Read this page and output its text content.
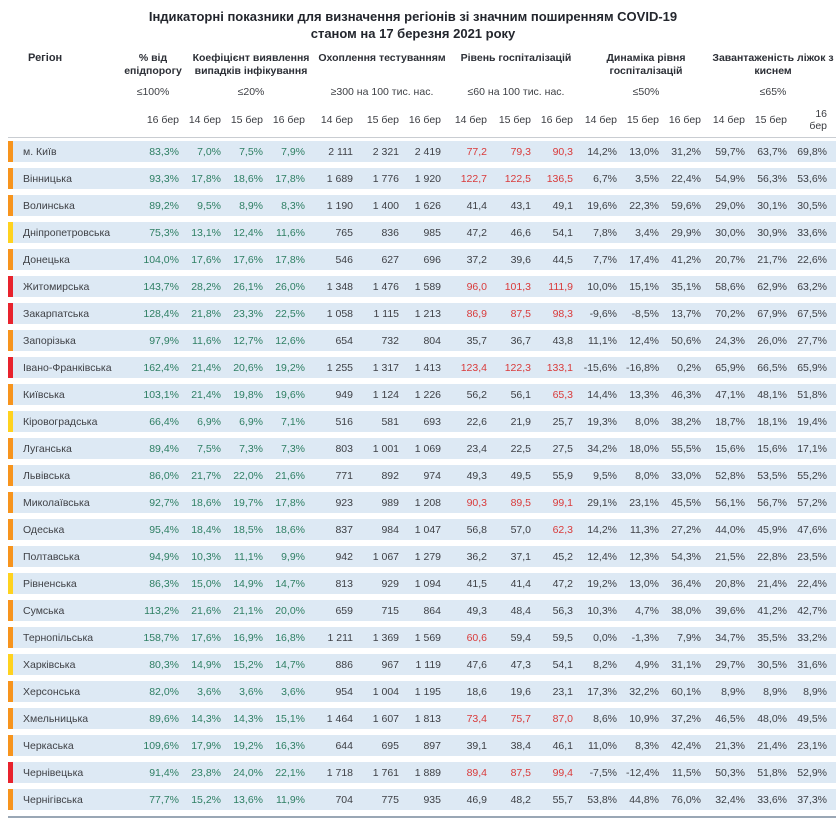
Індикаторні показники для визначення регіонів зі значним поширенням COVID-19
станом на 17 березня 2021 року
Регіон	% від епідпорогу
Коефіцієнт виявлення випадків інфікування
Охоплення тестуванням	Рівень госпіталізацій	Динаміка рівня госпіталізацій
Завантаженість ліжок з киснем
≤100%	≤20%	≥300 на 100 тис. нас.	≤60 на 100 тис. нас.	≤50%	≤65%
16 бер 14 бер 15 бер 16 бер	14 бер	15 бер 16 бер	14 бер	15 бер 16 бер	14 бер 15 бер 16 бер	14 бер 15 бер	16 бер
м. Київ	83,3%	7,0%	7,5%	7,9%	2 111	2 321	2 419	77,2	79,3	90,3	14,2%	13,0%	31,2%	59,7%	63,7% 69,8%
Вінницька	93,3%	17,8%	18,6%	17,8%	1 689	1 776	1 920	122,7	122,5	136,5	6,7%	3,5%	22,4%	54,9%	56,3% 53,6%
Волинська	89,2%	9,5%	8,9%	8,3%	1 190	1 400	1 626	41,4	43,1	49,1	19,6%	22,3%	59,6%	29,0%	30,1% 30,5%
Дніпропетровська	75,3%	13,1%	12,4%	11,6%	765	836	985	47,2	46,6	54,1	7,8%	3,4%	29,9%	30,0%	30,9% 33,6%
Донецька	104,0%	17,6%	17,6%	17,8%	546	627	696	37,2	39,6	44,5	7,7%	17,4%	41,2%	20,7%	21,7% 22,6%
Житомирська	143,7%	28,2%	26,1%	26,0%	1 348	1 476	1 589	96,0	101,3	111,9	10,0%	15,1%	35,1%	58,6%	62,9% 63,2%
Закарпатська	128,4%	21,8%	23,3%	22,5%	1 058	1 115	1 213	86,9	87,5	98,3	-9,6%	-8,5%	13,7%	70,2%	67,9% 67,5%
Запорізька	97,9%	11,6%	12,7%	12,6%	654	732	804	35,7	36,7	43,8	11,1%	12,4%	50,6%	24,3%	26,0% 27,7%
Івано-Франківська	162,4%	21,4%	20,6%	19,2%	1 255	1 317	1 413	123,4	122,3	133,1	-15,6% -16,8%	0,2%	65,9%	66,5% 65,9%
Київська	103,1%	21,4%	19,8%	19,6%	949	1 124	1 226	56,2	56,1	65,3	14,4%	13,3%	46,3%	47,1%	48,1% 51,8%
Кіровоградська	66,4%	6,9%	6,9%	7,1%	516	581	693	22,6	21,9	25,7	19,3%	8,0%	38,2%	18,7%	18,1% 19,4%
Луганська	89,4%	7,5%	7,3%	7,3%	803	1 001	1 069	23,4	22,5	27,5	34,2%	18,0%	55,5%	15,6%	15,6% 17,1%
Львівська	86,0%	21,7%	22,0%	21,6%	771	892	974	49,3	49,5	55,9	9,5%	8,0%	33,0%	52,8%	53,5% 55,2%
Миколаївська	92,7%	18,6%	19,7%	17,8%	923	989	1 208	90,3	89,5	99,1	29,1%	23,1%	45,5%	56,1%	56,7% 57,2%
Одеська	95,4%	18,4%	18,5%	18,6%	837	984	1 047	56,8	57,0	62,3	14,2%	11,3%	27,2%	44,0%	45,9% 47,6%
Полтавська	94,9%	10,3%	11,1%	9,9%	942	1 067	1 279	36,2	37,1	45,2	12,4%	12,3%	54,3%	21,5%	22,8% 23,5%
Рівненська	86,3%	15,0%	14,9%	14,7%	813	929	1 094	41,5	41,4	47,2	19,2%	13,0%	36,4%	20,8%	21,4% 22,4%
Сумська	113,2%	21,6%	21,1%	20,0%	659	715	864	49,3	48,4	56,3	10,3%	4,7%	38,0%	39,6%	41,2% 42,7%
Тернопільська	158,7%	17,6%	16,9%	16,8%	1 211	1 369	1 569	60,6	59,4	59,5	0,0%	-1,3%	7,9%	34,7%	35,5% 33,2%
Харківська	80,3%	14,9%	15,2%	14,7%	886	967	1 119	47,6	47,3	54,1	8,2%	4,9%	31,1%	29,7%	30,5% 31,6%
Херсонська	82,0%	3,6%	3,6%	3,6%	954	1 004	1 195	18,6	19,6	23,1	17,3%	32,2%	60,1%	8,9%	8,9%	8,9%
Хмельницька	89,6%	14,3%	14,3%	15,1%	1 464	1 607	1 813	73,4	75,7	87,0	8,6%	10,9%	37,2%	46,5%	48,0% 49,5%
Черкаська	109,6%	17,9%	19,2%	16,3%	644	695	897	39,1	38,4	46,1	11,0%	8,3%	42,4%	21,3%	21,4% 23,1%
Чернівецька	91,4%	23,8%	24,0%	22,1%	1 718	1 761	1 889	89,4	87,5	99,4	-7,5% -12,4%	11,5%	50,3%	51,8% 52,9%
Чернігівська	77,7%	15,2%	13,6%	11,9%	704	775	935	46,9	48,2	55,7	53,8%	44,8%	76,0%	32,4%	33,6% 37,3%
